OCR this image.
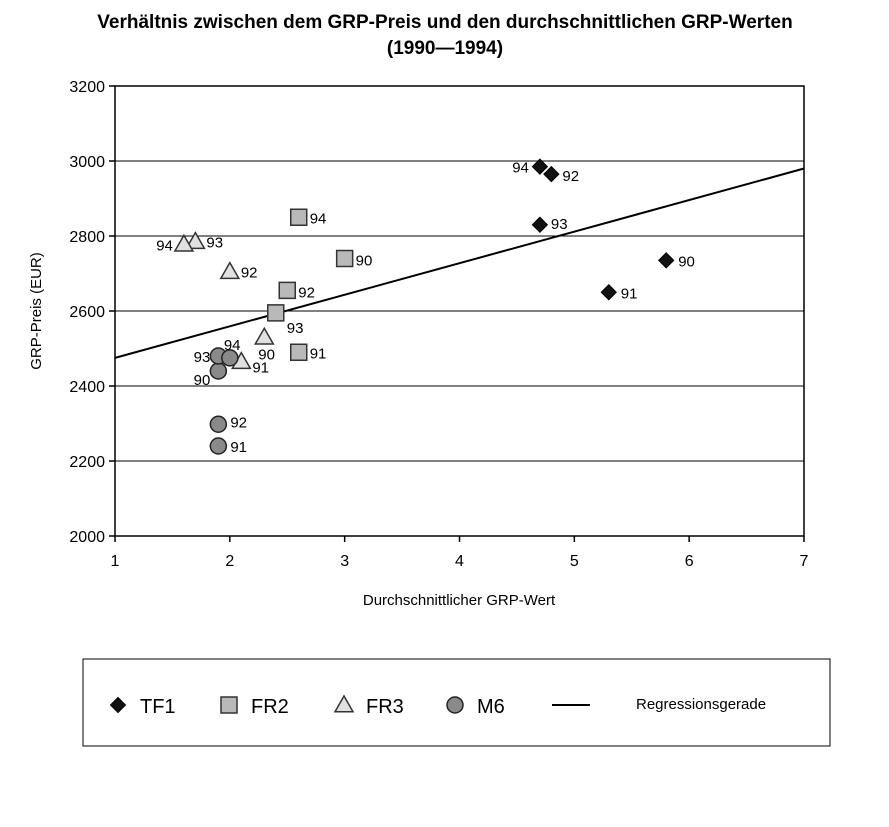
Verhältnis zwischen dem GRP-Preis und den durchschnittlichen GRP-Werten
(1990—1994)
2000
2200
2400
2600
2800
3000
3200
1	2	3	4	5	6	7
90
91
92
93
94
90
91
92
93
94
90
91
92
93
94
90
91
92
93
94
Durchschnittlicher GRP-Wert
GRP-Preis (EUR)
TF1	FR2	FR3	M6	Regressionsgerade
